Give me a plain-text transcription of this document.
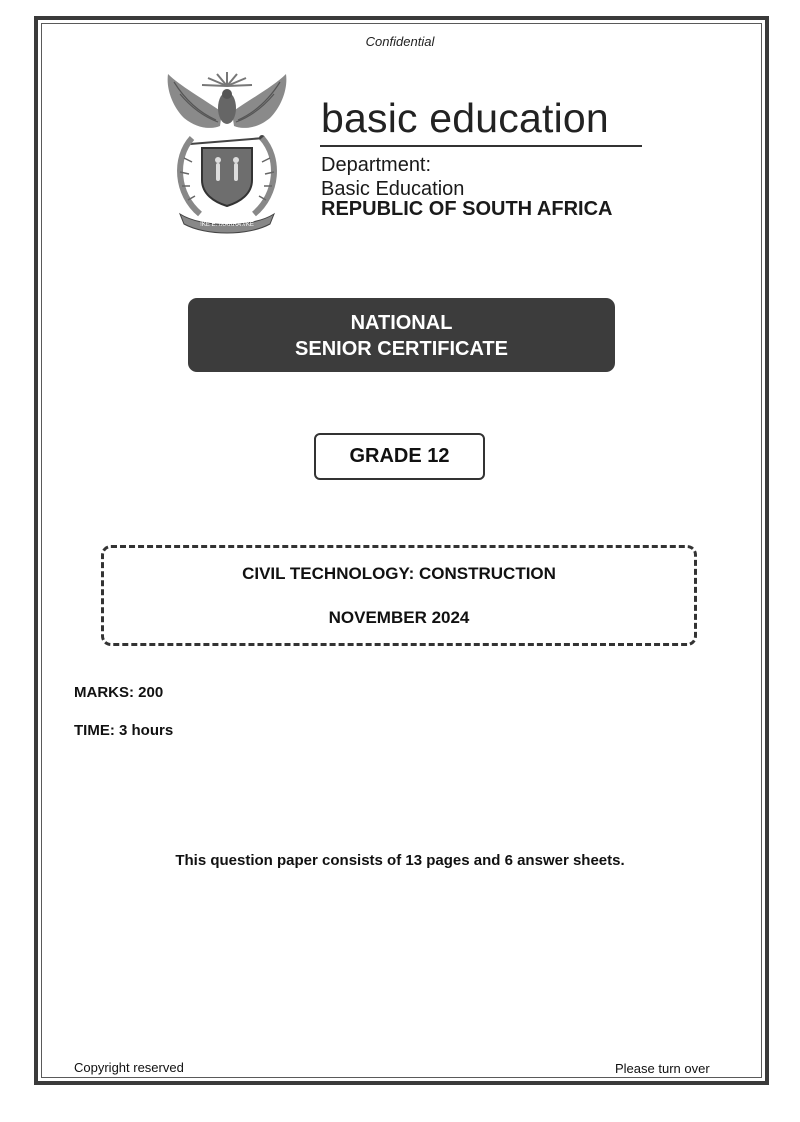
Confidential
!KE E: /XARRA //KE
basic education
Department:
Basic Education
REPUBLIC OF SOUTH AFRICA
NATIONAL
SENIOR CERTIFICATE
GRADE 12
CIVIL TECHNOLOGY: CONSTRUCTION
NOVEMBER 2024
MARKS: 200
TIME: 3 hours
This question paper consists of 13 pages and 6 answer sheets.
Copyright reserved	Please turn over
